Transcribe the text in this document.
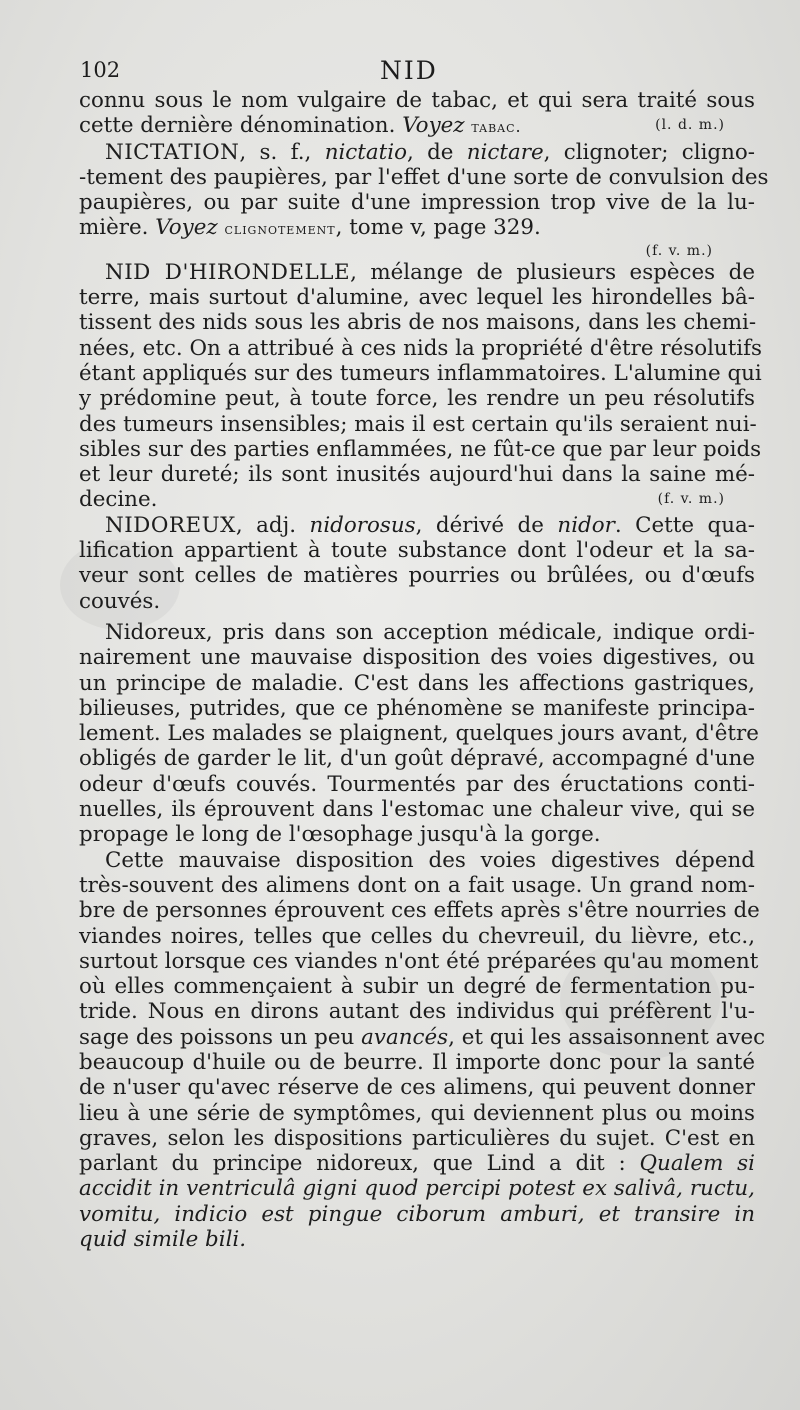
102	NID
connu sous le nom vulgaire de tabac, et qui sera traité sous
cette dernière dénomination. Voyez tabac.	(l. d. m.)
NICTATION, s. f., nictatio, de nictare, clignoter; cligno-
-tement des paupières, par l'effet d'une sorte de convulsion des
paupières, ou par suite d'une impression trop vive de la lu-
mière. Voyez clignotement, tome v, page 329.
(f. v. m.)
NID D'HIRONDELLE, mélange de plusieurs espèces de
terre, mais surtout d'alumine, avec lequel les hirondelles bâ-
tissent des nids sous les abris de nos maisons, dans les chemi-
nées, etc. On a attribué à ces nids la propriété d'être résolutifs
étant appliqués sur des tumeurs inflammatoires. L'alumine qui
y prédomine peut, à toute force, les rendre un peu résolutifs
des tumeurs insensibles; mais il est certain qu'ils seraient nui-
sibles sur des parties enflammées, ne fût-ce que par leur poids
et leur dureté; ils sont inusités aujourd'hui dans la saine mé-
decine.	(f. v. m.)
NIDOREUX, adj. nidorosus, dérivé de nidor. Cette qua-
lification appartient à toute substance dont l'odeur et la sa-
veur sont celles de matières pourries ou brûlées, ou d'œufs
couvés.
Nidoreux, pris dans son acception médicale, indique ordi-
nairement une mauvaise disposition des voies digestives, ou
un principe de maladie. C'est dans les affections gastriques,
bilieuses, putrides, que ce phénomène se manifeste principa-
lement. Les malades se plaignent, quelques jours avant, d'être
obligés de garder le lit, d'un goût dépravé, accompagné d'une
odeur d'œufs couvés. Tourmentés par des éructations conti-
nuelles, ils éprouvent dans l'estomac une chaleur vive, qui se
propage le long de l'œsophage jusqu'à la gorge.
Cette mauvaise disposition des voies digestives dépend
très-souvent des alimens dont on a fait usage. Un grand nom-
bre de personnes éprouvent ces effets après s'être nourries de
viandes noires, telles que celles du chevreuil, du lièvre, etc.,
surtout lorsque ces viandes n'ont été préparées qu'au moment
où elles commençaient à subir un degré de fermentation pu-
tride. Nous en dirons autant des individus qui préfèrent l'u-
sage des poissons un peu avancés, et qui les assaisonnent avec
beaucoup d'huile ou de beurre. Il importe donc pour la santé
de n'user qu'avec réserve de ces alimens, qui peuvent donner
lieu à une série de symptômes, qui deviennent plus ou moins
graves, selon les dispositions particulières du sujet. C'est en
parlant du principe nidoreux, que Lind a dit : Qualem si
accidit in ventriculâ gigni quod percipi potest ex salivâ, ructu,
vomitu, indicio est pingue ciborum amburi, et transire in
quid simile bili.
